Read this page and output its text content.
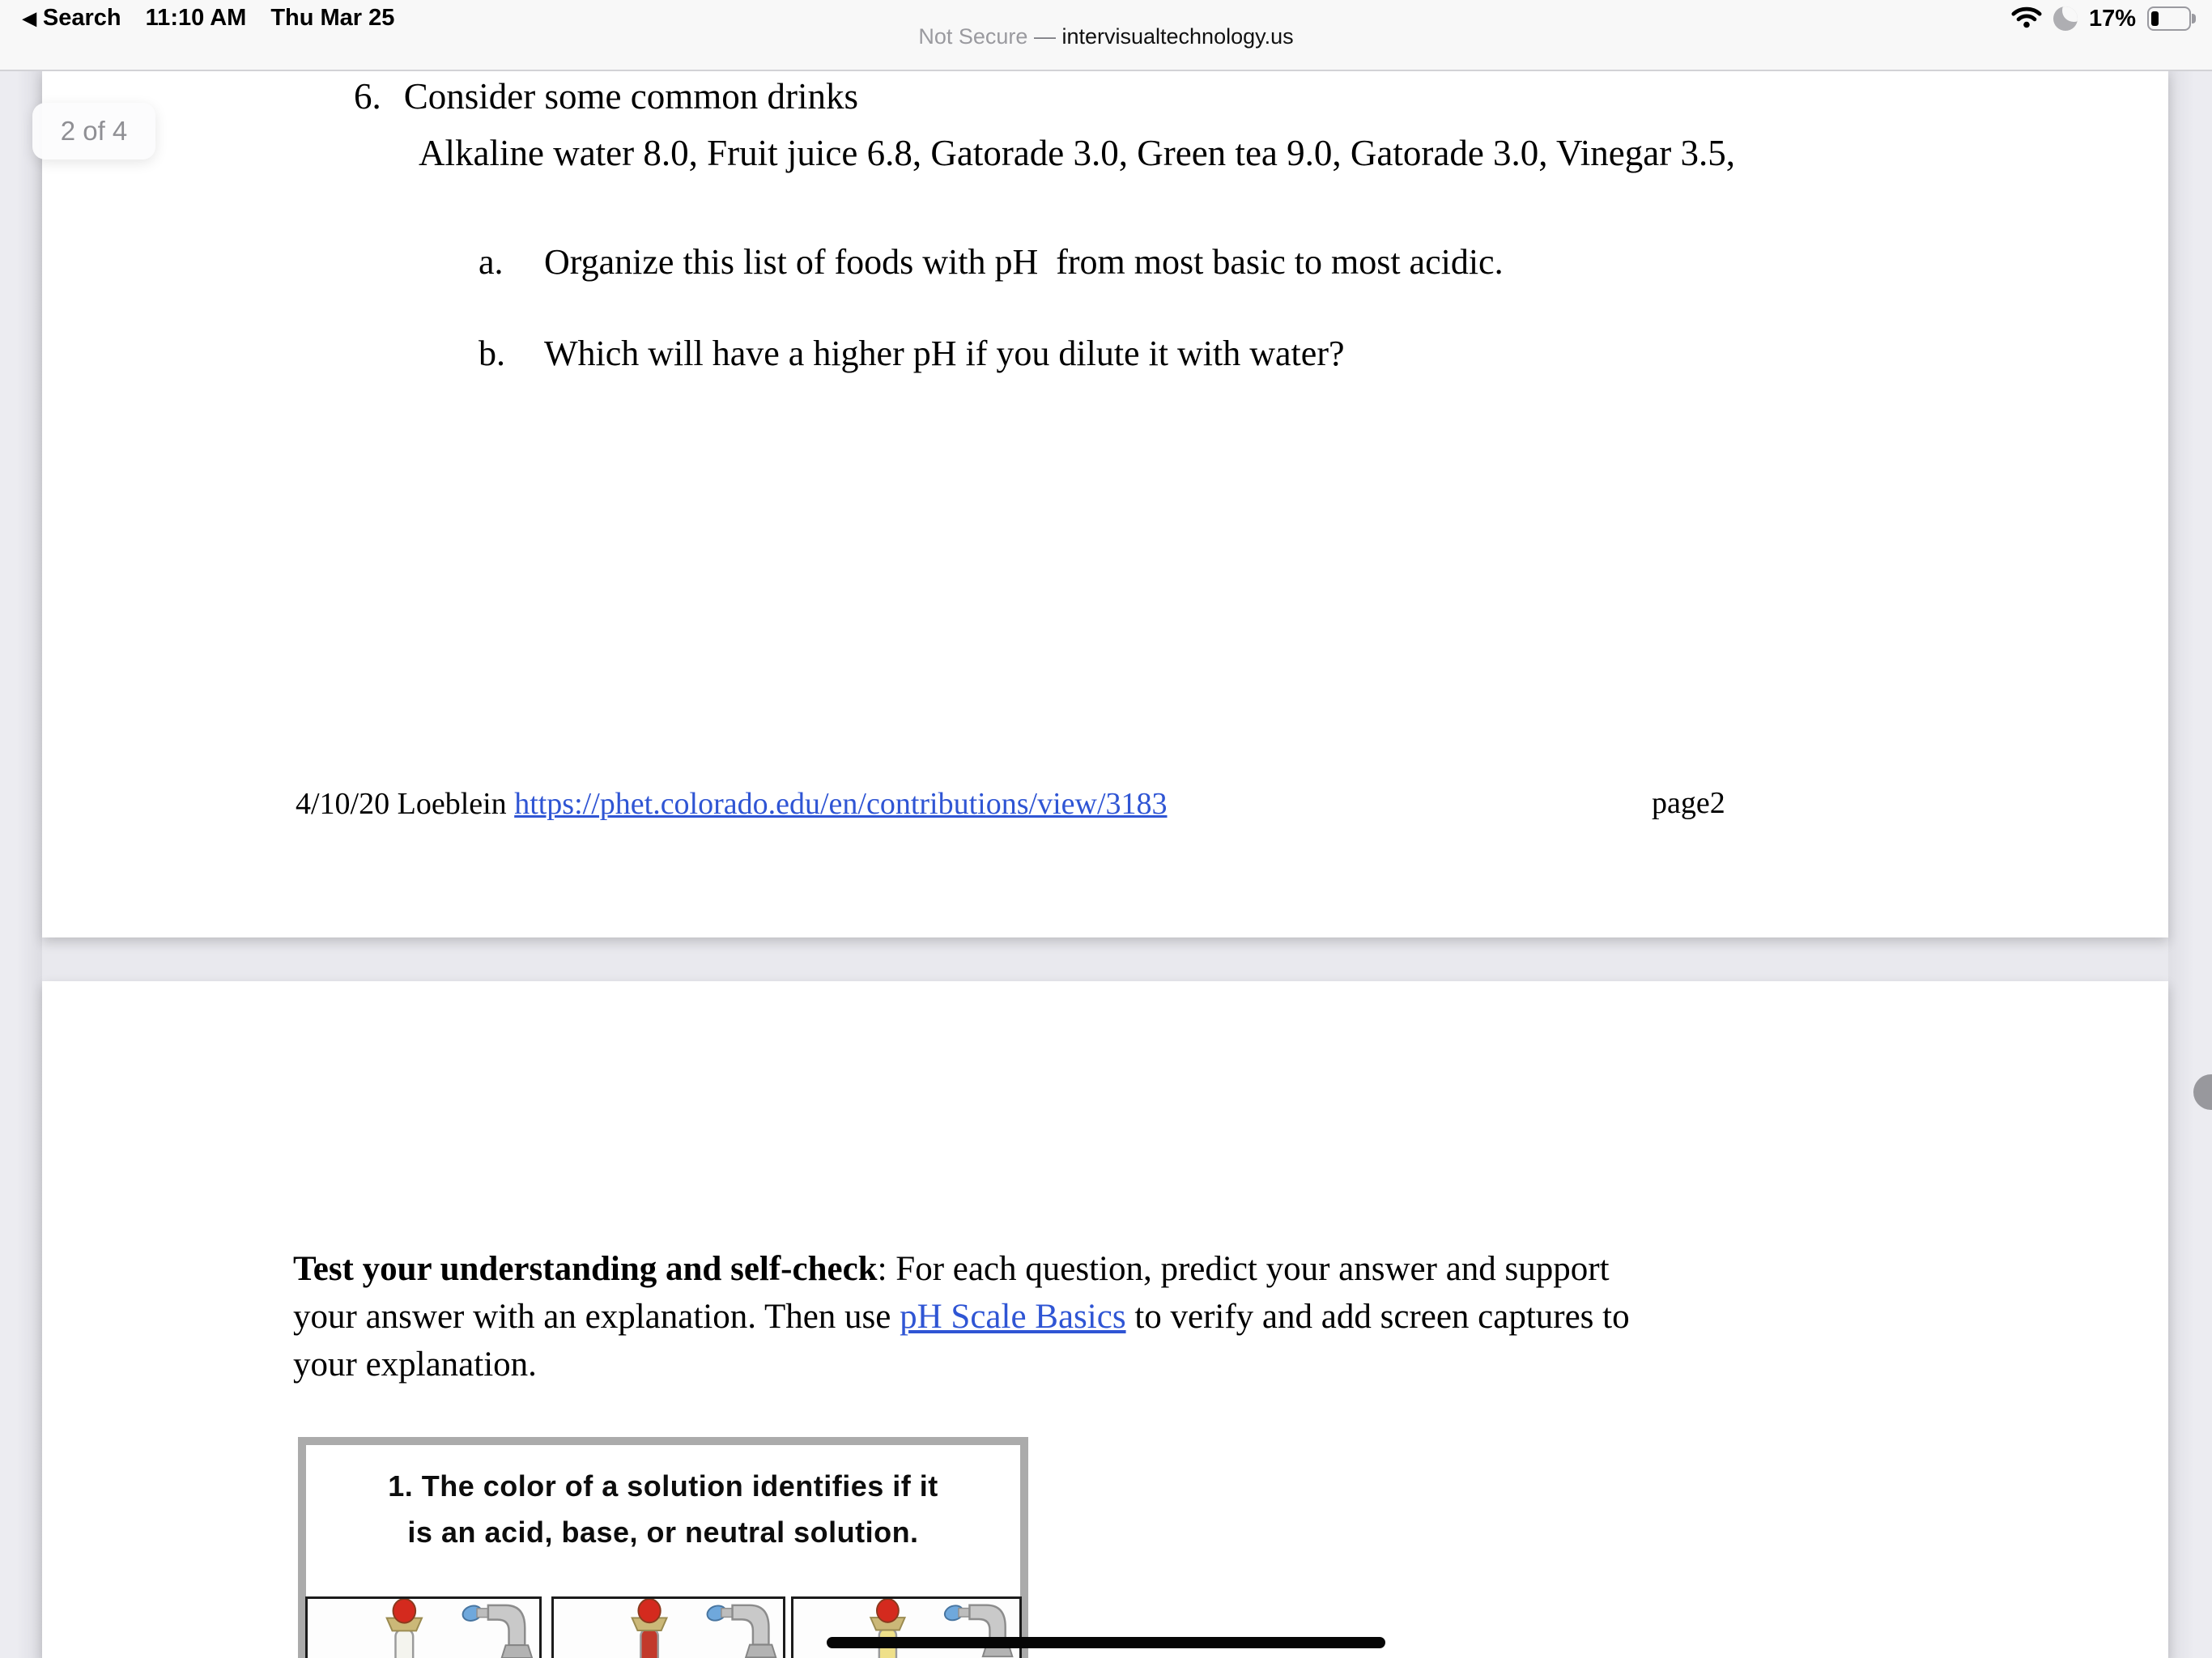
◀ Search 11:10 AM Thu Mar 25	17%
Not Secure — intervisualtechnology.us
6. Consider some common drinks
Alkaline water 8.0, Fruit juice 6.8, Gatorade 3.0, Green tea 9.0, Gatorade 3.0, Vinegar 3.5,
a. Organize this list of foods with pH  from most basic to most acidic.
b. Which will have a higher pH if you dilute it with water?
4/10/20 Loeblein https://phet.colorado.edu/en/contributions/view/3183	page2
Test your understanding and self-check: For each question, predict your answer and support
your answer with an explanation. Then use pH Scale Basics to verify and add screen captures to
your explanation.
1. The color of a solution identifies if it
is an acid, base, or neutral solution.
2 of 4
